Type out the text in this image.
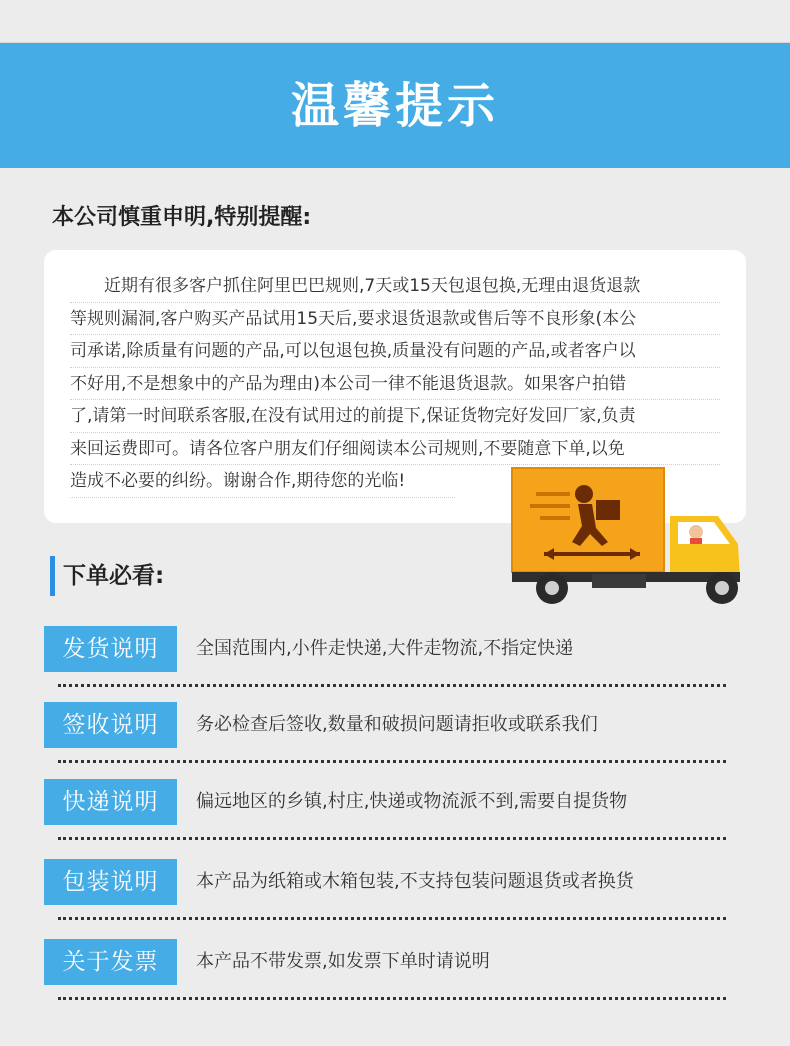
温馨提示
本公司慎重申明,特别提醒:
　　近期有很多客户抓住阿里巴巴规则,7天或15天包退包换,无理由退货退款
等规则漏洞,客户购买产品试用15天后,要求退货退款或售后等不良形象(本公
司承诺,除质量有问题的产品,可以包退包换,质量没有问题的产品,或者客户以
不好用,不是想象中的产品为理由)本公司一律不能退货退款。如果客户拍错
了,请第一时间联系客服,在没有试用过的前提下,保证货物完好发回厂家,负责
来回运费即可。请各位客户朋友们仔细阅读本公司规则,不要随意下单,以免
造成不必要的纠纷。谢谢合作,期待您的光临!
下单必看:
发货说明	全国范围内,小件走快递,大件走物流,不指定快递
签收说明	务必检查后签收,数量和破损问题请拒收或联系我们
快递说明	偏远地区的乡镇,村庄,快递或物流派不到,需要自提货物
包装说明	本产品为纸箱或木箱包装,不支持包装问题退货或者换货
关于发票	本产品不带发票,如发票下单时请说明
